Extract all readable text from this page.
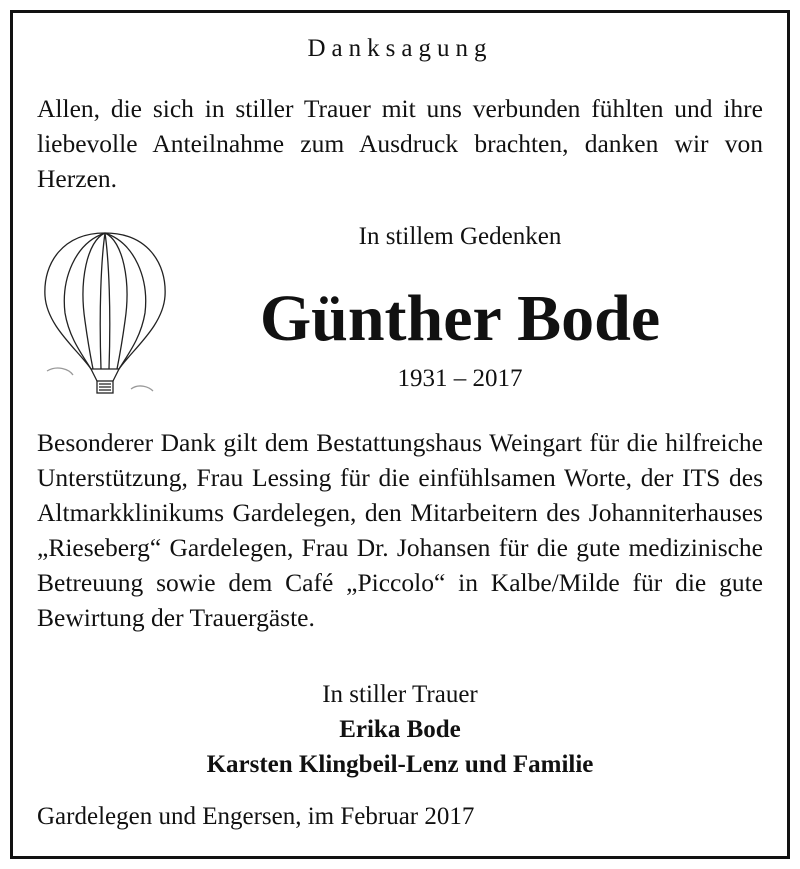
Danksagung
Allen, die sich in stiller Trauer mit uns verbunden fühlten und ihre liebevolle Anteilnahme zum Ausdruck brachten, danken wir von Herzen.
In stillem Gedenken
Günther Bode
1931 – 2017
Besonderer Dank gilt dem Bestattungshaus Weingart für die hilfreiche Unterstützung, Frau Lessing für die einfühlsamen Worte, der ITS des Altmarkklinikums Gardelegen, den Mitarbeitern des Johanniterhauses „Rieseberg“ Gardelegen, Frau Dr. Johansen für die gute medizinische Betreuung sowie dem Café „Piccolo“ in Kalbe/Milde für die gute Bewirtung der Trauergäste.
In stiller Trauer
Erika Bode
Karsten Klingbeil-Lenz und Familie
Gardelegen und Engersen, im Februar 2017
